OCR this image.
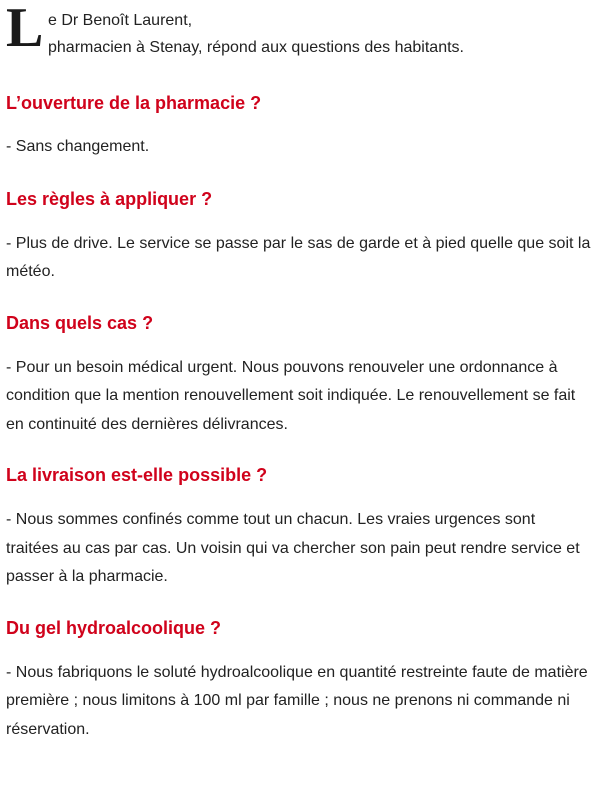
L e Dr Benoît Laurent,
pharmacien à Stenay, répond aux questions des habitants.
L’ouverture de la pharmacie ?

- Sans changement.

Les règles à appliquer ?

- Plus de drive. Le service se passe par le sas de garde et à pied quelle que soit la météo.

Dans quels cas ?

- Pour un besoin médical urgent. Nous pouvons renouveler une ordonnance à condition que la mention renouvellement soit indiquée. Le renouvellement se fait en continuité des dernières délivrances.

La livraison est-elle possible ?

- Nous sommes confinés comme tout un chacun. Les vraies urgences sont traitées au cas par cas. Un voisin qui va chercher son pain peut rendre service et passer à la pharmacie.

Du gel hydroalcoolique ?

- Nous fabriquons le soluté hydroalcoolique en quantité restreinte faute de matière première ; nous limitons à 100 ml par famille ; nous ne prenons ni commande ni réservation.
